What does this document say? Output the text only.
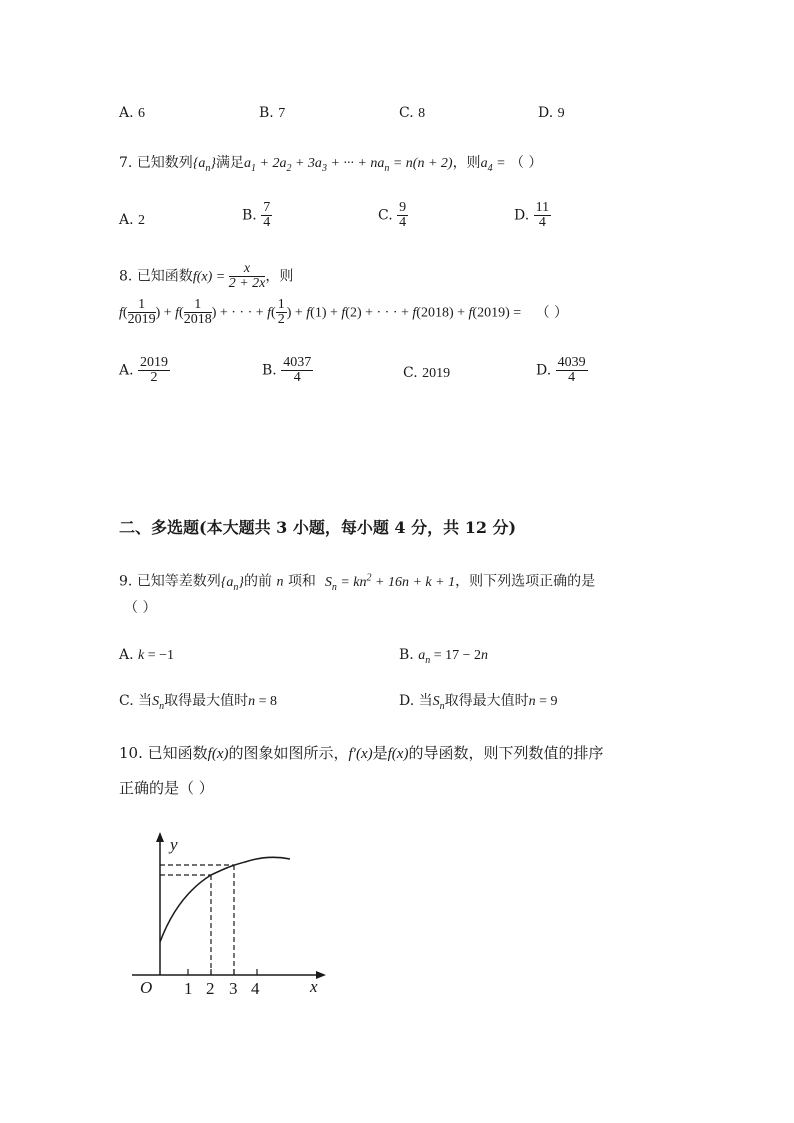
A. 6	B. 7	C. 8	D. 9
7. 已知数列$\{a_n\}$满足$a_1 + 2a_2 + 3a_3$ + ··· + $na_n = n(n + 2)$，则$a_4$ = （ ）
A. 2	B. $\frac{7}{4}$	C. $\frac{9}{4}$	D. $\frac{11}{4}$
8. 已知函数$f(x) = \frac{x}{2 + 2x}$ ，则
$f( \frac{1}{2019}$ ) + $f( \frac{1}{2018}$ ) + · · · + $f( \frac{1}{2}$ ) + f(1) + f(2) + · · · + f(2018) + f(2019) = （ ）
A. $\frac{2019}{2}$	B. $\frac{4037}{4}$	C. 2019	D. $\frac{4039}{4}$
二、多选题(本大题共 3 小题，每小题 4 分，共 12 分)
9. 已知等差数列$\{a_n\}$的前 n 项和 $S_n = kn^2 + 16n + k + 1$，则下列选项正确的是
（ ）
A. k = −1	B. $a_n = 17 - 2n$
C. 当$S_n$取得最大值时n = 8	D. 当$S_n$取得最大值时n = 9
10. 已知函数f(x)的图象如图所示，f′(x)是f(x)的导函数，则下列数值的排序
正确的是（ ）
y
x
O 1 2 3 4
